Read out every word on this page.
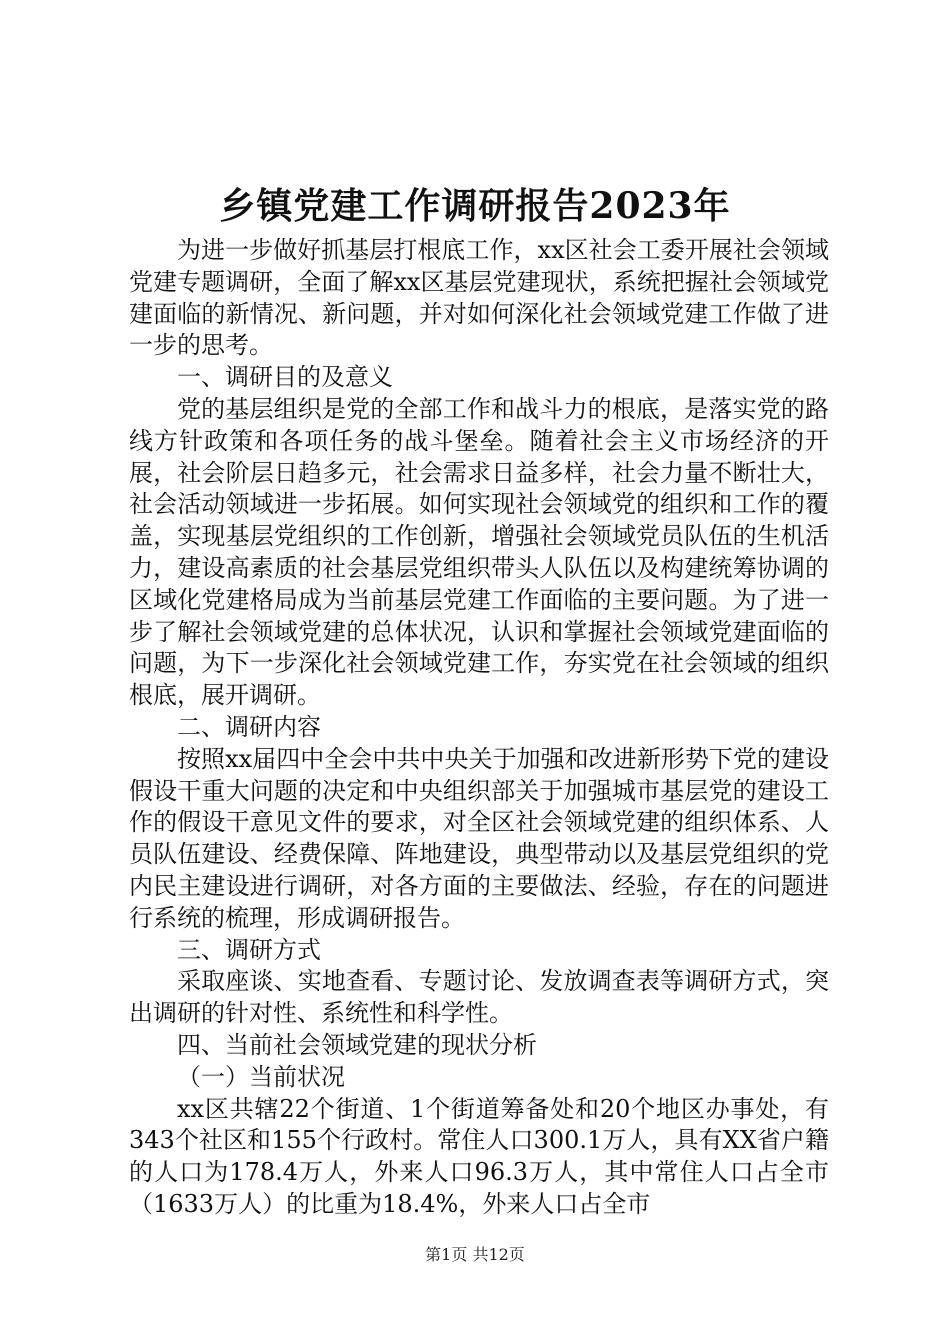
乡镇党建工作调研报告2023年

为进一步做好抓基层打根底工作，xx区社会工委开展社会领域党建专题调研，全面了解xx区基层党建现状，系统把握社会领域党建面临的新情况、新问题，并对如何深化社会领域党建工作做了进一步的思考。

一、调研目的及意义

党的基层组织是党的全部工作和战斗力的根底，是落实党的路线方针政策和各项任务的战斗堡垒。随着社会主义市场经济的开展，社会阶层日趋多元，社会需求日益多样，社会力量不断壮大，社会活动领域进一步拓展。如何实现社会领域党的组织和工作的覆盖，实现基层党组织的工作创新，增强社会领域党员队伍的生机活力，建设高素质的社会基层党组织带头人队伍以及构建统筹协调的区域化党建格局成为当前基层党建工作面临的主要问题。为了进一步了解社会领域党建的总体状况，认识和掌握社会领域党建面临的问题，为下一步深化社会领域党建工作，夯实党在社会领域的组织根底，展开调研。

二、调研内容

按照xx届四中全会中共中央关于加强和改进新形势下党的建设假设干重大问题的决定和中央组织部关于加强城市基层党的建设工作的假设干意见文件的要求，对全区社会领域党建的组织体系、人员队伍建设、经费保障、阵地建设，典型带动以及基层党组织的党内民主建设进行调研，对各方面的主要做法、经验，存在的问题进行系统的梳理，形成调研报告。

三、调研方式

采取座谈、实地查看、专题讨论、发放调查表等调研方式，突出调研的针对性、系统性和科学性。

四、当前社会领域党建的现状分析

（一）当前状况

xx区共辖22个街道、1个街道筹备处和20个地区办事处，有343个社区和155个行政村。常住人口300.1万人，具有XX省户籍的人口为178.4万人，外来人口96.3万人，其中常住人口占全市（1633万人）的比重为18.4%，外来人口占全市

第1页 共12页
